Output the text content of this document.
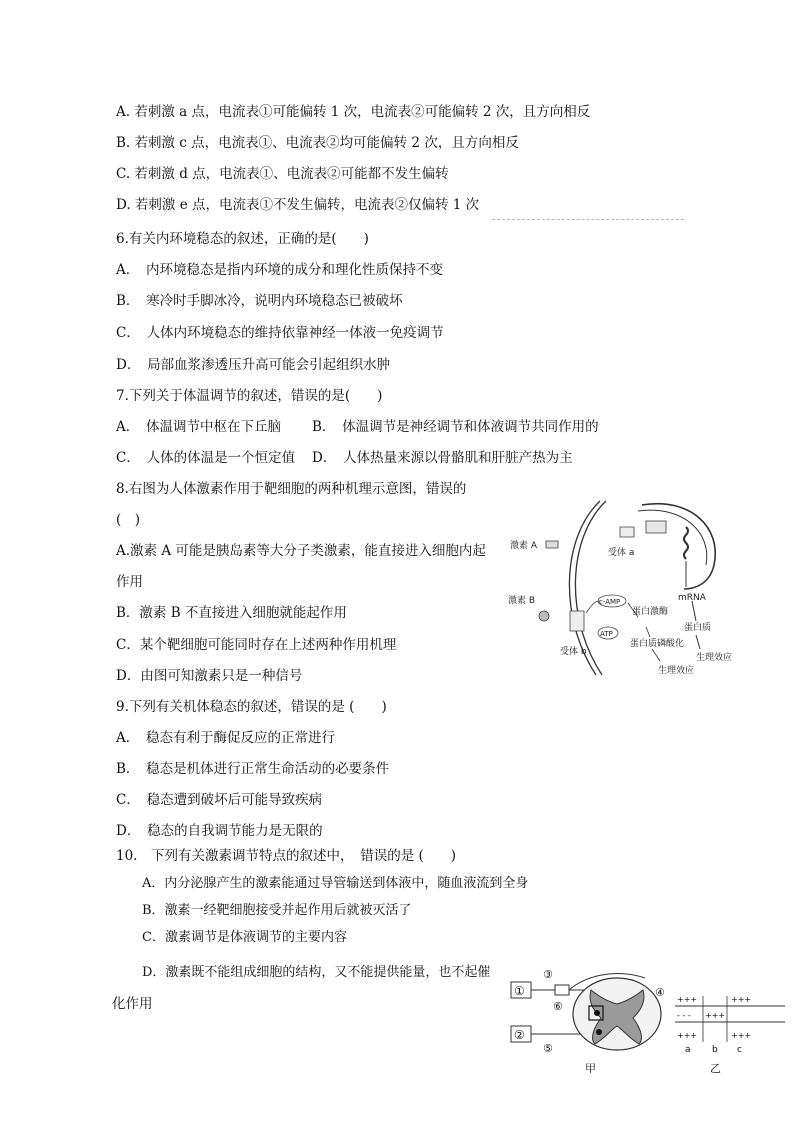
A. 若刺激 a 点，电流表①可能偏转 1 次，电流表②可能偏转 2 次，且方向相反
B. 若刺激 c 点，电流表①、电流表②均可能偏转 2 次，且方向相反
C. 若刺激 d 点，电流表①、电流表②可能都不发生偏转
D. 若刺激 e 点，电流表①不发生偏转，电流表②仅偏转 1 次
6.有关内环境稳态的叙述，正确的是(　　)
A．　内环境稳态是指内环境的成分和理化性质保持不变
B．　寒冷时手脚冰冷，说明内环境稳态已被破坏
C．　人体内环境稳态的维持依靠神经一体液一免疫调节
D．　局部血浆渗透压升高可能会引起组织水肿
7.下列关于体温调节的叙述，错误的是(　　)
A．　体温调节中枢在下丘脑 B．　体温调节是神经调节和体液调节共同作用的
C．　人体的体温是一个恒定值 D．　人体热量来源以骨骼肌和肝脏产热为主
8.右图为人体激素作用于靶细胞的两种机理示意图，错误的
(　)
A.激素 A 可能是胰岛素等大分子类激素，能直接进入细胞内起
作用
B．激素 B 不直接进入细胞就能起作用
C．某个靶细胞可能同时存在上述两种作用机理
D．由图可知激素只是一种信号
激素 A
受体 a
mRNA
激素 B	c-AMP
ATP
蛋白激酶
蛋白质
蛋白质磷酸化
生理效应
生理效应
受体 b
9.下列有关机体稳态的叙述，错误的是 (　　)
A．　稳态有利于酶促反应的正常进行
B．　稳态是机体进行正常生命活动的必要条件
C．　稳态遭到破坏后可能导致疾病
D．　稳态的自我调节能力是无限的
10.　下列有关激素调节特点的叙述中，　错误的是 (　　)
A．内分泌腺产生的激素能通过导管输送到体液中，随血液流到全身
B．激素一经靶细胞接受并起作用后就被灭活了
C．激素调节是体液调节的主要内容
D．激素既不能组成细胞的结构，又不能提供能量，也不起催
化作用
①
②
③
⑤
⑥
④
甲
+++	+++
+++
+++	+++
- - -
a b c
乙
